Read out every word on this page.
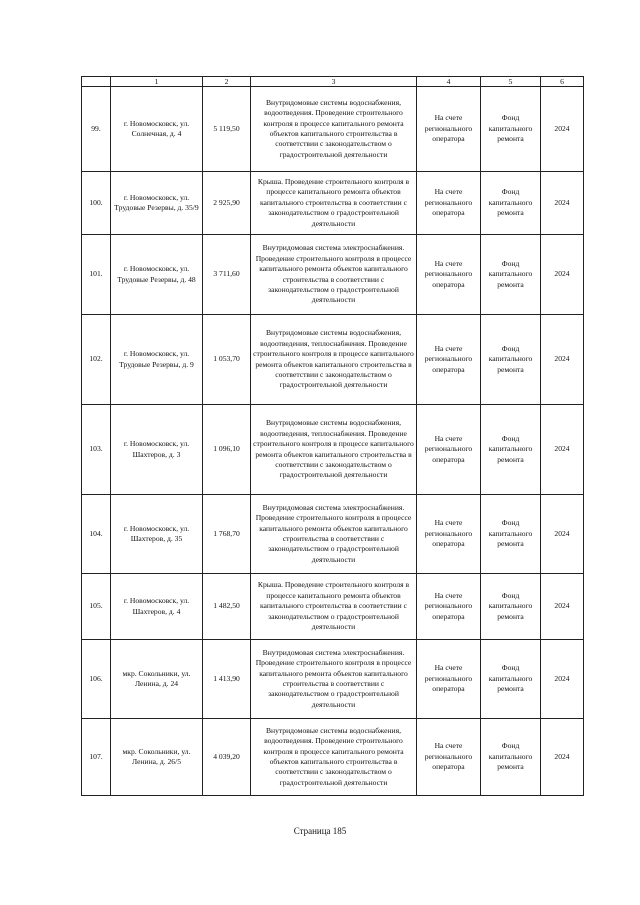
	1	2	3	4	5	6
99.	г. Новомосковск, ул. Солнечная, д. 4	5 119,50	Внутридомовые системы водоснабжения, водоотведения. Проведение строительного контроля в процессе капитального ремонта объектов капитального строительства в соответствии с законодательством о градостроительной деятельности	На счете регионального оператора	Фонд капитального ремонта	2024
100.	г. Новомосковск, ул. Трудовые Резервы, д. 35/9	2 925,90	Крыша. Проведение строительного контроля в процессе капитального ремонта объектов капитального строительства в соответствии с законодательством о градостроительной деятельности	На счете регионального оператора	Фонд капитального ремонта	2024
101.	г. Новомосковск, ул. Трудовые Резервы, д. 48	3 711,60	Внутридомовая система электроснабжения. Проведение строительного контроля в процессе капитального ремонта объектов капитального строительства в соответствии с законодательством о градостроительной деятельности	На счете регионального оператора	Фонд капитального ремонта	2024
102.	г. Новомосковск, ул. Трудовые Резервы, д. 9	1 053,70	Внутридомовые системы водоснабжения, водоотведения, теплоснабжения. Проведение строительного контроля в процессе капитального ремонта объектов капитального строительства в соответствии с законодательством о градостроительной деятельности	На счете регионального оператора	Фонд капитального ремонта	2024
103.	г. Новомосковск, ул. Шахтеров, д. 3	1 096,10	Внутридомовые системы водоснабжения, водоотведения, теплоснабжения. Проведение строительного контроля в процессе капитального ремонта объектов капитального строительства в соответствии с законодательством о градостроительной деятельности	На счете регионального оператора	Фонд капитального ремонта	2024
104.	г. Новомосковск, ул. Шахтеров, д. 35	1 768,70	Внутридомовая система электроснабжения. Проведение строительного контроля в процессе капитального ремонта объектов капитального строительства в соответствии с законодательством о градостроительной деятельности	На счете регионального оператора	Фонд капитального ремонта	2024
105.	г. Новомосковск, ул. Шахтеров, д. 4	1 482,50	Крыша. Проведение строительного контроля в процессе капитального ремонта объектов капитального строительства в соответствии с законодательством о градостроительной деятельности	На счете регионального оператора	Фонд капитального ремонта	2024
106.	мкр. Сокольники, ул. Ленина, д. 24	1 413,90	Внутридомовая система электроснабжения. Проведение строительного контроля в процессе капитального ремонта объектов капитального строительства в соответствии с законодательством о градостроительной деятельности	На счете регионального оператора	Фонд капитального ремонта	2024
107.	мкр. Сокольники, ул. Ленина, д. 26/5	4 039,20	Внутридомовые системы водоснабжения, водоотведения. Проведение строительного контроля в процессе капитального ремонта объектов капитального строительства в соответствии с законодательством о градостроительной деятельности	На счете регионального оператора	Фонд капитального ремонта	2024
Страница 185
